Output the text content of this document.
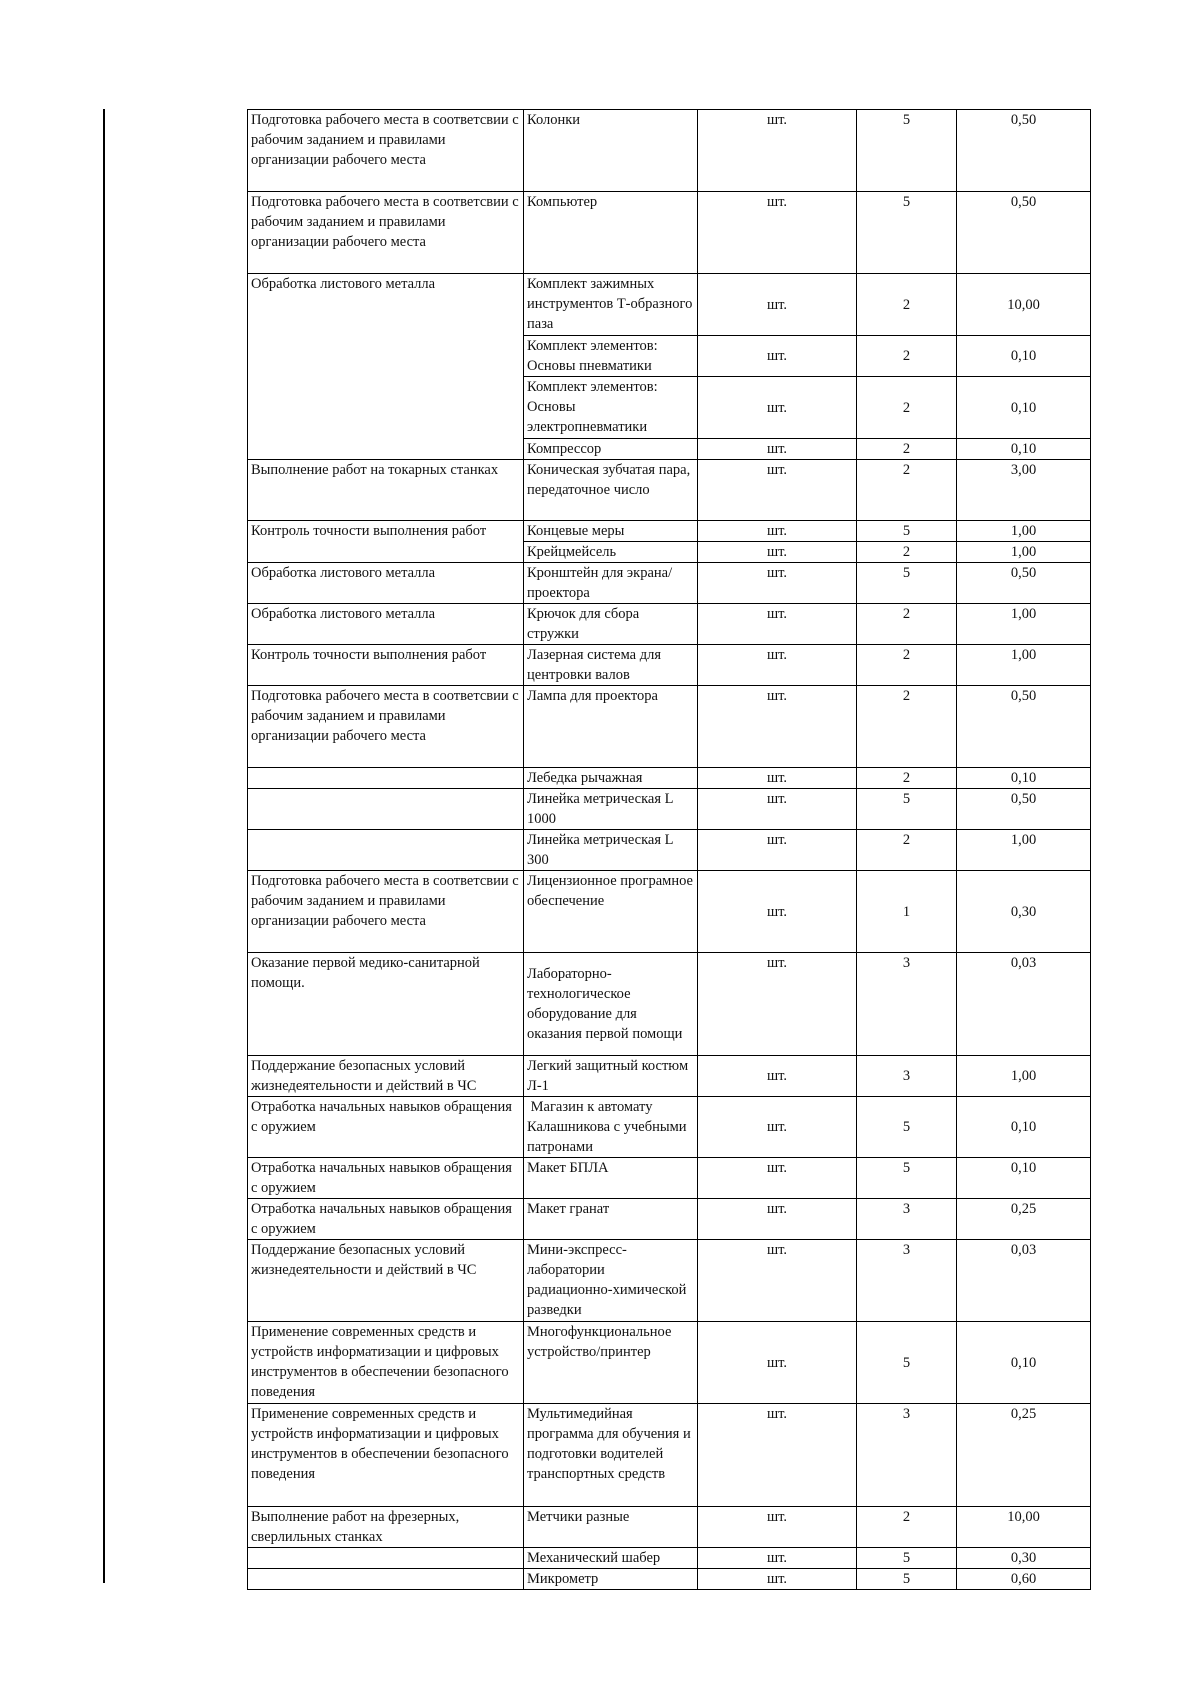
Подготовка рабочего места в соответсвии с рабочим заданием и правилами организации рабочего места	Колонки	шт.	5	0,50
Подготовка рабочего места в соответсвии с рабочим заданием и правилами организации рабочего места	Компьютер	шт.	5	0,50
Обработка листового металла	Комплект зажимных инструментов Т-образного паза	шт.	2	10,00
	Комплект элементов: Основы пневматики	шт.	2	0,10
	Комплект элементов: Основы электропневматики	шт.	2	0,10
	Компрессор	шт.	2	0,10
Выполнение работ на токарных станках	Коническая зубчатая пара, передаточное число	шт.	2	3,00
Контроль точности выполнения работ	Концевые меры	шт.	5	1,00
	Крейцмейсель	шт.	2	1,00
Обработка листового металла	Кронштейн для экрана/проектора	шт.	5	0,50
Обработка листового металла	Крючок для сбора стружки	шт.	2	1,00
Контроль точности выполнения работ	Лазерная система для центровки валов	шт.	2	1,00
Подготовка рабочего места в соответсвии с рабочим заданием и правилами организации рабочего места	Лампа для проектора	шт.	2	0,50
	Лебедка рычажная	шт.	2	0,10
	Линейка метрическая L 1000	шт.	5	0,50
	Линейка метрическая L 300	шт.	2	1,00
Подготовка рабочего места в соответсвии с рабочим заданием и правилами организации рабочего места	Лицензионное програмное обеспечение	шт.	1	0,30
Оказание первой медико-санитарной помощи.	Лабораторно-технологическое оборудование для оказания первой помощи	шт.	3	0,03
Поддержание безопасных условий жизнедеятельности и действий в ЧС	Легкий защитный костюм Л-1	шт.	3	1,00
Отработка начальных навыков обращения с оружием	Магазин к автомату Калашникова с учебными патронами	шт.	5	0,10
Отработка начальных навыков обращения с оружием	Макет БПЛА	шт.	5	0,10
Отработка начальных навыков обращения с оружием	Макет гранат	шт.	3	0,25
Поддержание безопасных условий жизнедеятельности и действий в ЧС	Мини-экспресс-лаборатории радиационно-химической разведки	шт.	3	0,03
Применение современных средств и устройств информатизации и цифровых инструментов в обеспечении безопасного поведения	Многофункциональное устройство/принтер	шт.	5	0,10
Применение современных средств и устройств информатизации и цифровых инструментов в обеспечении безопасного поведения	Мультимедийная программа для обучения и подготовки водителей транспортных средств	шт.	3	0,25
Выполнение работ на фрезерных, сверлильных станках	Метчики разные	шт.	2	10,00
	Механический шабер	шт.	5	0,30
	Микрометр	шт.	5	0,60
